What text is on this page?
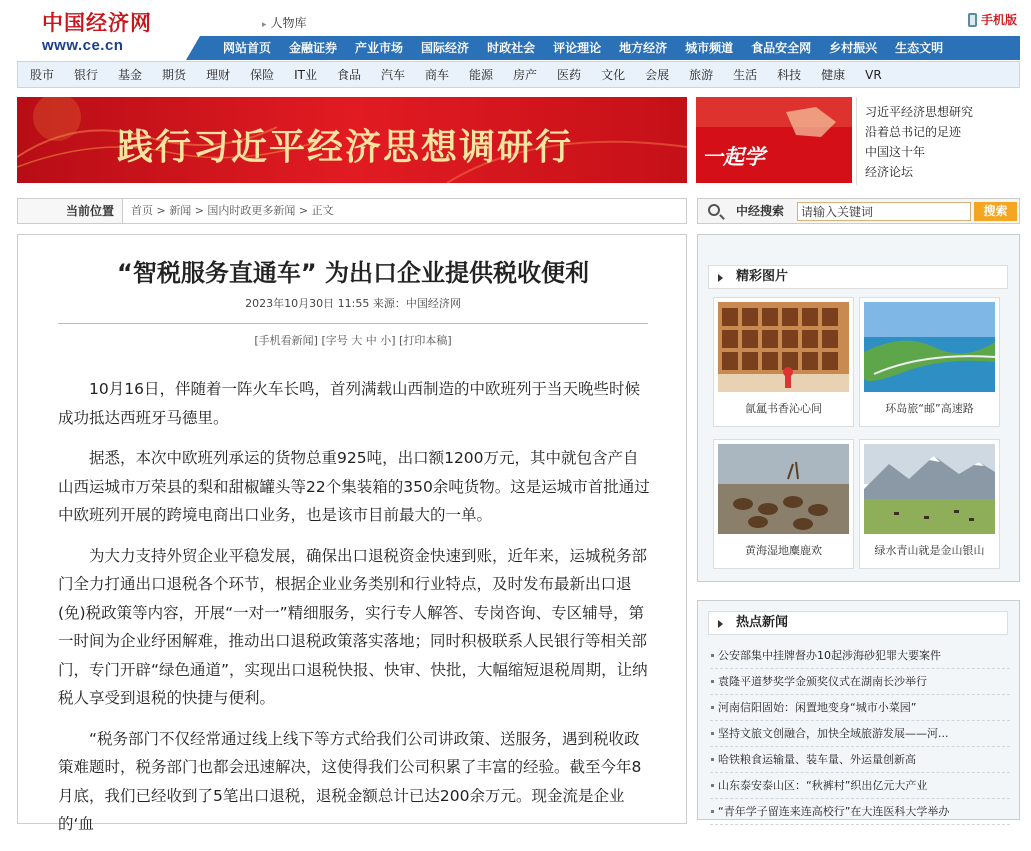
中国经济网
www.ce.cn
▸ 人物库	手机版
网站首页	金融证券	产业市场	国际经济	时政社会	评论理论	地方经济	城市频道	食品安全网	乡村振兴	生态文明
股市	银行	基金	期货	理财	保险	IT业	食品	汽车	商车	能源	房产	医药	文化	会展	旅游	生活	科技	健康	VR
践行习近平经济思想调研行	一起学
习近平经济思想研究
沿着总书记的足迹
中国这十年
经济论坛
当前位置	首页 > 新闻 > 国内时政更多新闻 > 正文	中经搜索
请输入关键词	搜索
“智税服务直通车” 为出口企业提供税收便利
2023年10月30日 11:55 来源：中国经济网
[手机看新闻] [字号 大 中 小] [打印本稿]

10月16日，伴随着一阵火车长鸣，首列满载山西制造的中欧班列于当天晚些时候成功抵达西班牙马德里。

据悉，本次中欧班列承运的货物总重925吨，出口额1200万元，其中就包含产自山西运城市万荣县的梨和甜椒罐头等22个集装箱的350余吨货物。这是运城市首批通过中欧班列开展的跨境电商出口业务，也是该市目前最大的一单。

为大力支持外贸企业平稳发展，确保出口退税资金快速到账，近年来，运城税务部门全力打通出口退税各个环节，根据企业业务类别和行业特点，及时发布最新出口退(免)税政策等内容，开展“一对一”精细服务，实行专人解答、专岗咨询、专区辅导，第一时间为企业纾困解难，推动出口退税政策落实落地；同时积极联系人民银行等相关部门，专门开辟“绿色通道”，实现出口退税快报、快审、快批，大幅缩短退税周期，让纳税人享受到退税的快捷与便利。

“税务部门不仅经常通过线上线下等方式给我们公司讲政策、送服务，遇到税收政策难题时，税务部门也都会迅速解决，这使得我们公司积累了丰富的经验。截至今年8月底，我们已经收到了5笔出口退税，退税金额总计已达200余万元。现金流是企业的‘血

精彩图片
氤氲书香沁心间	环岛旅“邮”高速路
黄海湿地麋鹿欢	绿水青山就是金山银山
热点新闻
公安部集中挂牌督办10起涉海砂犯罪大要案件
袁隆平道梦奖学金颁奖仪式在湖南长沙举行
河南信阳固始：闲置地变身“城市小菜园”
坚持文旅文创融合，加快全域旅游发展——河...
哈铁粮食运输量、装车量、外运量创新高
山东泰安泰山区：“秋裤村”织出亿元大产业
“青年学子留连来连高校行”在大连医科大学举办
